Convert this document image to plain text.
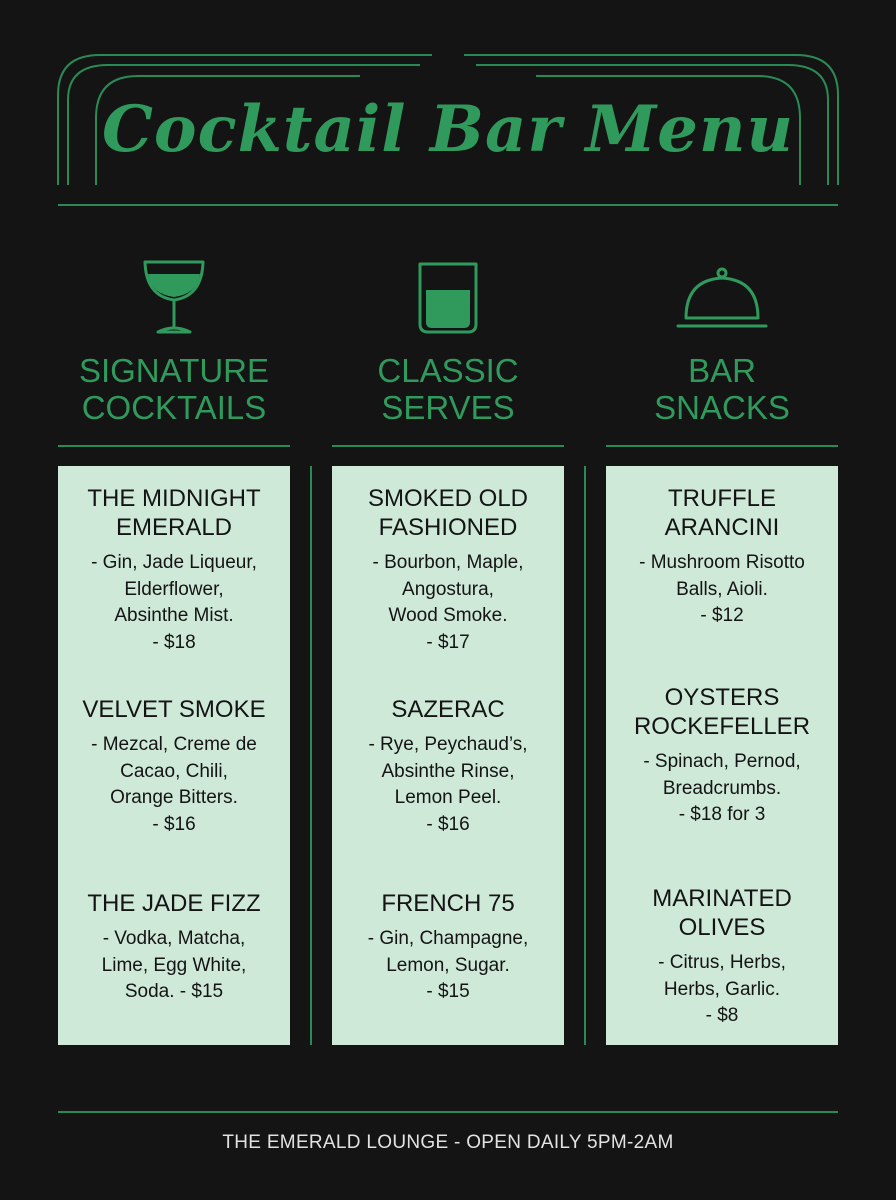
Cocktail Bar Menu
SIGNATURE
COCKTAILS
THE MIDNIGHT
EMERALD
- Gin, Jade Liqueur,
Elderflower,
Absinthe Mist.
- $18
VELVET SMOKE
- Mezcal, Creme de
Cacao, Chili,
Orange Bitters.
- $16
THE JADE FIZZ
- Vodka, Matcha,
Lime, Egg White,
Soda. - $15
CLASSIC
SERVES
SMOKED OLD
FASHIONED
- Bourbon, Maple,
Angostura,
Wood Smoke.
- $17
SAZERAC
- Rye, Peychaud’s,
Absinthe Rinse,
Lemon Peel.
- $16
FRENCH 75
- Gin, Champagne,
Lemon, Sugar.
- $15
BAR
SNACKS
TRUFFLE
ARANCINI
- Mushroom Risotto
Balls, Aioli.
- $12
OYSTERS
ROCKEFELLER
- Spinach, Pernod,
Breadcrumbs.
- $18 for 3
MARINATED
OLIVES
- Citrus, Herbs,
Herbs, Garlic.
- $8
THE EMERALD LOUNGE - OPEN DAILY 5PM-2AM
